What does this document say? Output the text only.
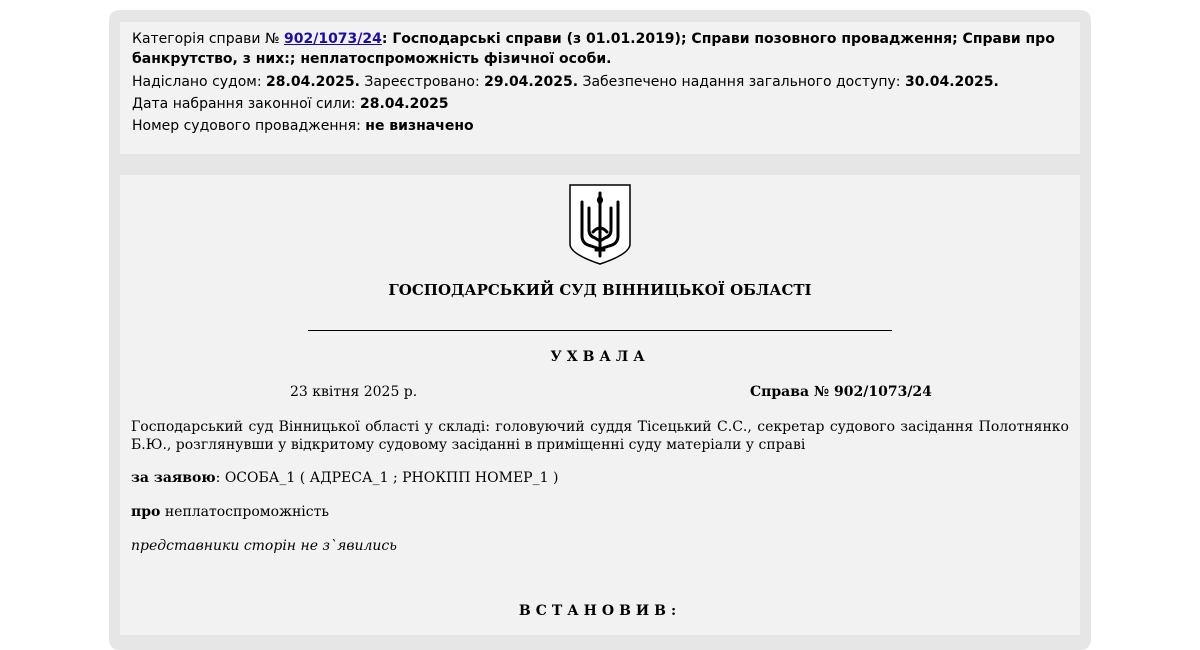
Категорія справи № 902/1073/24: Господарські справи (з 01.01.2019); Справи позовного провадження; Справи про банкрутство, з них:; неплатоспроможність фізичної особи.

Надіслано судом: 28.04.2025. Зареєстровано: 29.04.2025. Забезпечено надання загального доступу: 30.04.2025.

Дата набрання законної сили: 28.04.2025

Номер судового провадження: не визначено

ГОСПОДАРСЬКИЙ СУД ВІННИЦЬКОЇ ОБЛАСТІ
УХВАЛА
23 квітня 2025 р.	Справа № 902/1073/24

Господарський суд Вінницької області у складі: головуючий суддя Тісецький С.С., секретар судового засідання Полотнянко Б.Ю., розглянувши у відкритому судовому засіданні в приміщенні суду матеріали у справі

за заявою: ОСОБА_1 ( АДРЕСА_1 ; РНОКПП НОМЕР_1 )

про неплатоспроможність

представники сторін не з`явились

ВСТАНОВИВ:
